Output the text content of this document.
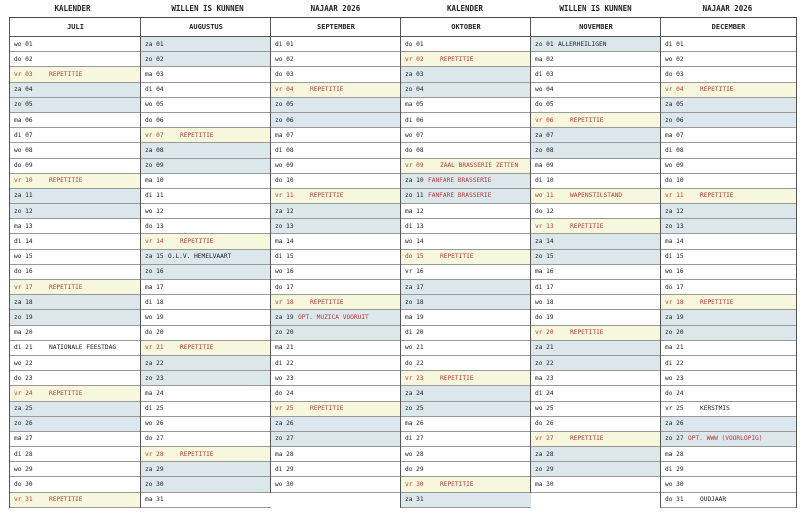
KALENDER	WILLEN IS KUNNEN	NAJAAR 2026	KALENDER	WILLEN IS KUNNEN	NAJAAR 2026
JULI
wo 01
do 02
vr 03	REPETITIE
za 04
zo 05
ma 06
di 07
wo 08
do 09
vr 10	REPETITIE
za 11
zo 12
ma 13
di 14
wo 15
do 16
vr 17	REPETITIE
za 18
zo 19
ma 20
di 21	NATIONALE FEESTDAG
wo 22
do 23
vr 24	REPETITIE
za 25
zo 26
ma 27
di 28
wo 29
do 30
vr 31	REPETITIE
AUGUSTUS
za 01
zo 02
ma 03
di 04
wo 05
do 06
vr 07	REPETITIE
za 08
zo 09
ma 10
di 11
wo 12
do 13
vr 14	REPETITIE
za 15 O.L.V. HEMELVAART
zo 16
ma 17
di 18
wo 19
do 20
vr 21	REPETITIE
za 22
zo 23
ma 24
di 25
wo 26
do 27
vr 28	REPETITIE
za 29
zo 30
ma 31
SEPTEMBER
di 01
wo 02
do 03
vr 04	REPETITIE
zo 05
zo 06
ma 07
di 08
wo 09
do 10
vr 11	REPETITIE
za 12
zo 13
ma 14
di 15
wo 16
do 17
vr 18	REPETITIE
za 19 OPT. MUZICA VOORUIT
zo 20
ma 21
di 22
wo 23
do 24
vr 25	REPETITIE
za 26
zo 27
ma 28
di 29
wo 30
OKTOBER
do 01
vr 02	REPETITIE
za 03
zo 04
ma 05
di 06
wo 07
do 08
vr 09	ZAAL BRASSERIE ZETTEN
za 10 FANFARE BRASSERIE
zo 11 FANFARE BRASSERIE
ma 12
di 13
wo 14
do 15	REPETITIE
vr 16
za 17
zo 18
ma 19
di 20
wo 21
do 22
vr 23	REPETITIE
za 24
zo 25
ma 26
di 27
wo 28
do 29
vr 30	REPETITIE
za 31
NOVEMBER
zo 01 ALLERHEILIGEN
ma 02
di 03
wo 04
do 05
vr 06	REPETITIE
za 07
zo 08
ma 09
di 10
wo 11	WAPENSTILSTAND
do 12
vr 13	REPETITIE
za 14
zo 15
ma 16
di 17
wo 18
do 19
vr 20	REPETITIE
za 21
zo 22
ma 23
di 24
wo 25
do 26
vr 27	REPETITIE
za 28
zo 29
ma 30
DECEMBER
di 01
wo 02
do 03
vr 04	REPETITIE
za 05
zo 06
ma 07
di 08
wo 09
do 10
vr 11	REPETITIE
za 12
zo 13
ma 14
di 15
wo 16
do 17
vr 18	REPETITIE
za 19
zo 20
ma 21
di 22
wo 23
do 24
vr 25	KERSTMIS
za 26
zo 27 OPT. WWW (VOORLOPIG)
ma 28
di 29
wo 30
do 31	OUDJAAR
